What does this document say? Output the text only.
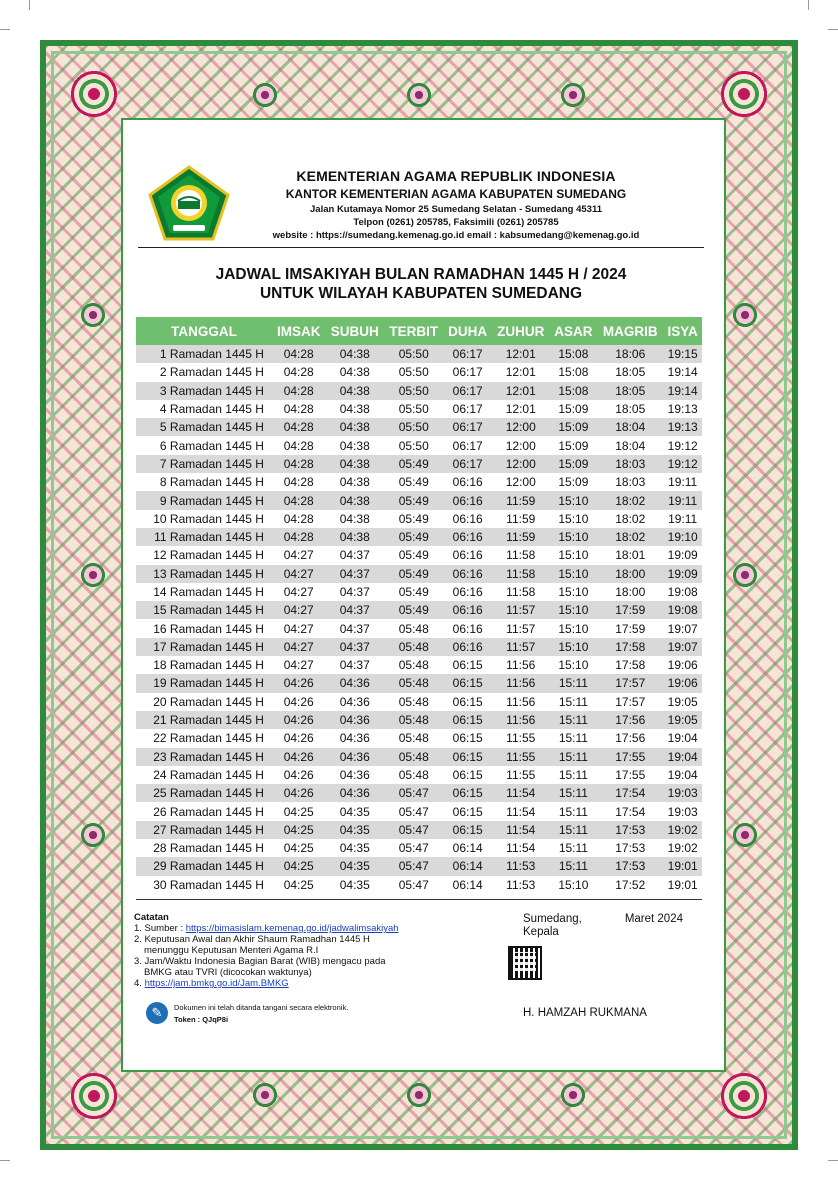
KEMENTERIAN AGAMA REPUBLIK INDONESIA
KANTOR KEMENTERIAN AGAMA KABUPATEN SUMEDANG
Jalan Kutamaya Nomor 25 Sumedang Selatan - Sumedang 45311
Telpon (0261) 205785, Faksimili (0261) 205785
website : https://sumedang.kemenag.go.id email : kabsumedang@kemenag.go.id
JADWAL IMSAKIYAH BULAN RAMADHAN 1445 H / 2024
UNTUK WILAYAH KABUPATEN SUMEDANG
TANGGAL	IMSAK	SUBUH	TERBIT	DUHA	ZUHUR	ASAR	MAGRIB	ISYA
1 Ramadan 1445 H	04:28	04:38	05:50	06:17	12:01	15:08	18:06	19:15
2 Ramadan 1445 H	04:28	04:38	05:50	06:17	12:01	15:08	18:05	19:14
3 Ramadan 1445 H	04:28	04:38	05:50	06:17	12:01	15:08	18:05	19:14
4 Ramadan 1445 H	04:28	04:38	05:50	06:17	12:01	15:09	18:05	19:13
5 Ramadan 1445 H	04:28	04:38	05:50	06:17	12:00	15:09	18:04	19:13
6 Ramadan 1445 H	04:28	04:38	05:50	06:17	12:00	15:09	18:04	19:12
7 Ramadan 1445 H	04:28	04:38	05:49	06:17	12:00	15:09	18:03	19:12
8 Ramadan 1445 H	04:28	04:38	05:49	06:16	12:00	15:09	18:03	19:11
9 Ramadan 1445 H	04:28	04:38	05:49	06:16	11:59	15:10	18:02	19:11
10 Ramadan 1445 H	04:28	04:38	05:49	06:16	11:59	15:10	18:02	19:11
11 Ramadan 1445 H	04:28	04:38	05:49	06:16	11:59	15:10	18:02	19:10
12 Ramadan 1445 H	04:27	04:37	05:49	06:16	11:58	15:10	18:01	19:09
13 Ramadan 1445 H	04:27	04:37	05:49	06:16	11:58	15:10	18:00	19:09
14 Ramadan 1445 H	04:27	04:37	05:49	06:16	11:58	15:10	18:00	19:08
15 Ramadan 1445 H	04:27	04:37	05:49	06:16	11:57	15:10	17:59	19:08
16 Ramadan 1445 H	04:27	04:37	05:48	06:16	11:57	15:10	17:59	19:07
17 Ramadan 1445 H	04:27	04:37	05:48	06:16	11:57	15:10	17:58	19:07
18 Ramadan 1445 H	04:27	04:37	05:48	06:15	11:56	15:10	17:58	19:06
19 Ramadan 1445 H	04:26	04:36	05:48	06:15	11:56	15:11	17:57	19:06
20 Ramadan 1445 H	04:26	04:36	05:48	06:15	11:56	15:11	17:57	19:05
21 Ramadan 1445 H	04:26	04:36	05:48	06:15	11:56	15:11	17:56	19:05
22 Ramadan 1445 H	04:26	04:36	05:48	06:15	11:55	15:11	17:56	19:04
23 Ramadan 1445 H	04:26	04:36	05:48	06:15	11:55	15:11	17:55	19:04
24 Ramadan 1445 H	04:26	04:36	05:48	06:15	11:55	15:11	17:55	19:04
25 Ramadan 1445 H	04:26	04:36	05:47	06:15	11:54	15:11	17:54	19:03
26 Ramadan 1445 H	04:25	04:35	05:47	06:15	11:54	15:11	17:54	19:03
27 Ramadan 1445 H	04:25	04:35	05:47	06:15	11:54	15:11	17:53	19:02
28 Ramadan 1445 H	04:25	04:35	05:47	06:14	11:54	15:11	17:53	19:02
29 Ramadan 1445 H	04:25	04:35	05:47	06:14	11:53	15:11	17:53	19:01
30 Ramadan 1445 H	04:25	04:35	05:47	06:14	11:53	15:10	17:52	19:01
Catatan
1. Sumber : https://bimasislam.kemenag.go.id/jadwalimsakiyah
2. Keputusan Awal dan Akhir Shaum Ramadhan 1445 H
menunggu Keputusan Menteri Agama R.I
3. Jam/Waktu Indonesia Bagian Barat (WIB) mengacu pada
BMKG atau TVRI (dicocokan waktunya)
4. https://jam.bmkg.go.id/Jam.BMKG
Sumedang,	Maret 2024
Kepala
H. HAMZAH RUKMANA
✎	Dokumen ini telah ditanda tangani secara elektronik.
Token : QJqP8i
